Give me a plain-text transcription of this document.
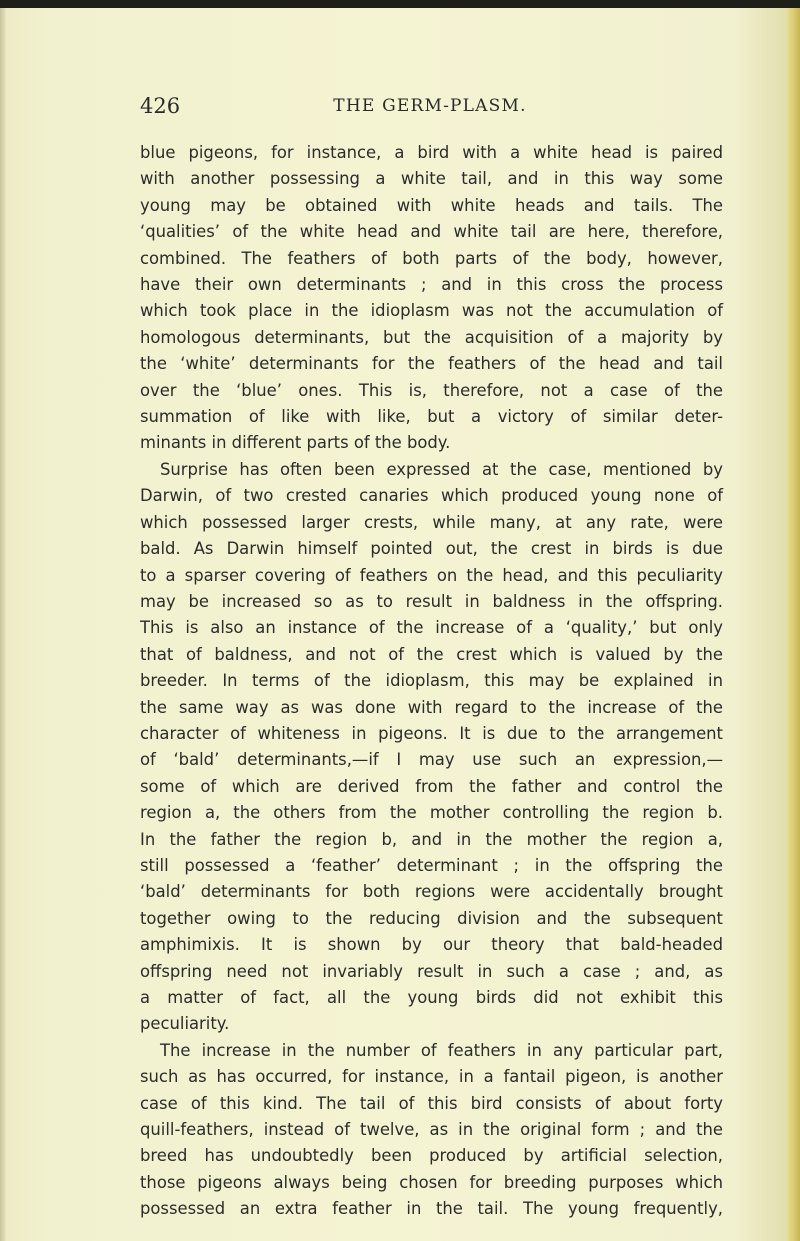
426	THE GERM-PLASM.
blue pigeons, for instance, a bird with a white head is paired
with another possessing a white tail, and in this way some
young may be obtained with white heads and tails. The
‘qualities’ of the white head and white tail are here, therefore,
combined. The feathers of both parts of the body, however,
have their own determinants ; and in this cross the process
which took place in the idioplasm was not the accumulation of
homologous determinants, but the acquisition of a majority by
the ‘white’ determinants for the feathers of the head and tail
over the ‘blue’ ones. This is, therefore, not a case of the
summation of like with like, but a victory of similar deter-
minants in different parts of the body.
Surprise has often been expressed at the case, mentioned by
Darwin, of two crested canaries which produced young none of
which possessed larger crests, while many, at any rate, were
bald. As Darwin himself pointed out, the crest in birds is due
to a sparser covering of feathers on the head, and this peculiarity
may be increased so as to result in baldness in the offspring.
This is also an instance of the increase of a ‘quality,’ but only
that of baldness, and not of the crest which is valued by the
breeder. In terms of the idioplasm, this may be explained in
the same way as was done with regard to the increase of the
character of whiteness in pigeons. It is due to the arrangement
of ‘bald’ determinants,—if I may use such an expression,—
some of which are derived from the father and control the
region a, the others from the mother controlling the region b.
In the father the region b, and in the mother the region a,
still possessed a ‘feather’ determinant ; in the offspring the
‘bald’ determinants for both regions were accidentally brought
together owing to the reducing division and the subsequent
amphimixis. It is shown by our theory that bald-headed
offspring need not invariably result in such a case ; and, as
a matter of fact, all the young birds did not exhibit this
peculiarity.
The increase in the number of feathers in any particular part,
such as has occurred, for instance, in a fantail pigeon, is another
case of this kind. The tail of this bird consists of about forty
quill-feathers, instead of twelve, as in the original form ; and the
breed has undoubtedly been produced by artificial selection,
those pigeons always being chosen for breeding purposes which
possessed an extra feather in the tail. The young frequently,
